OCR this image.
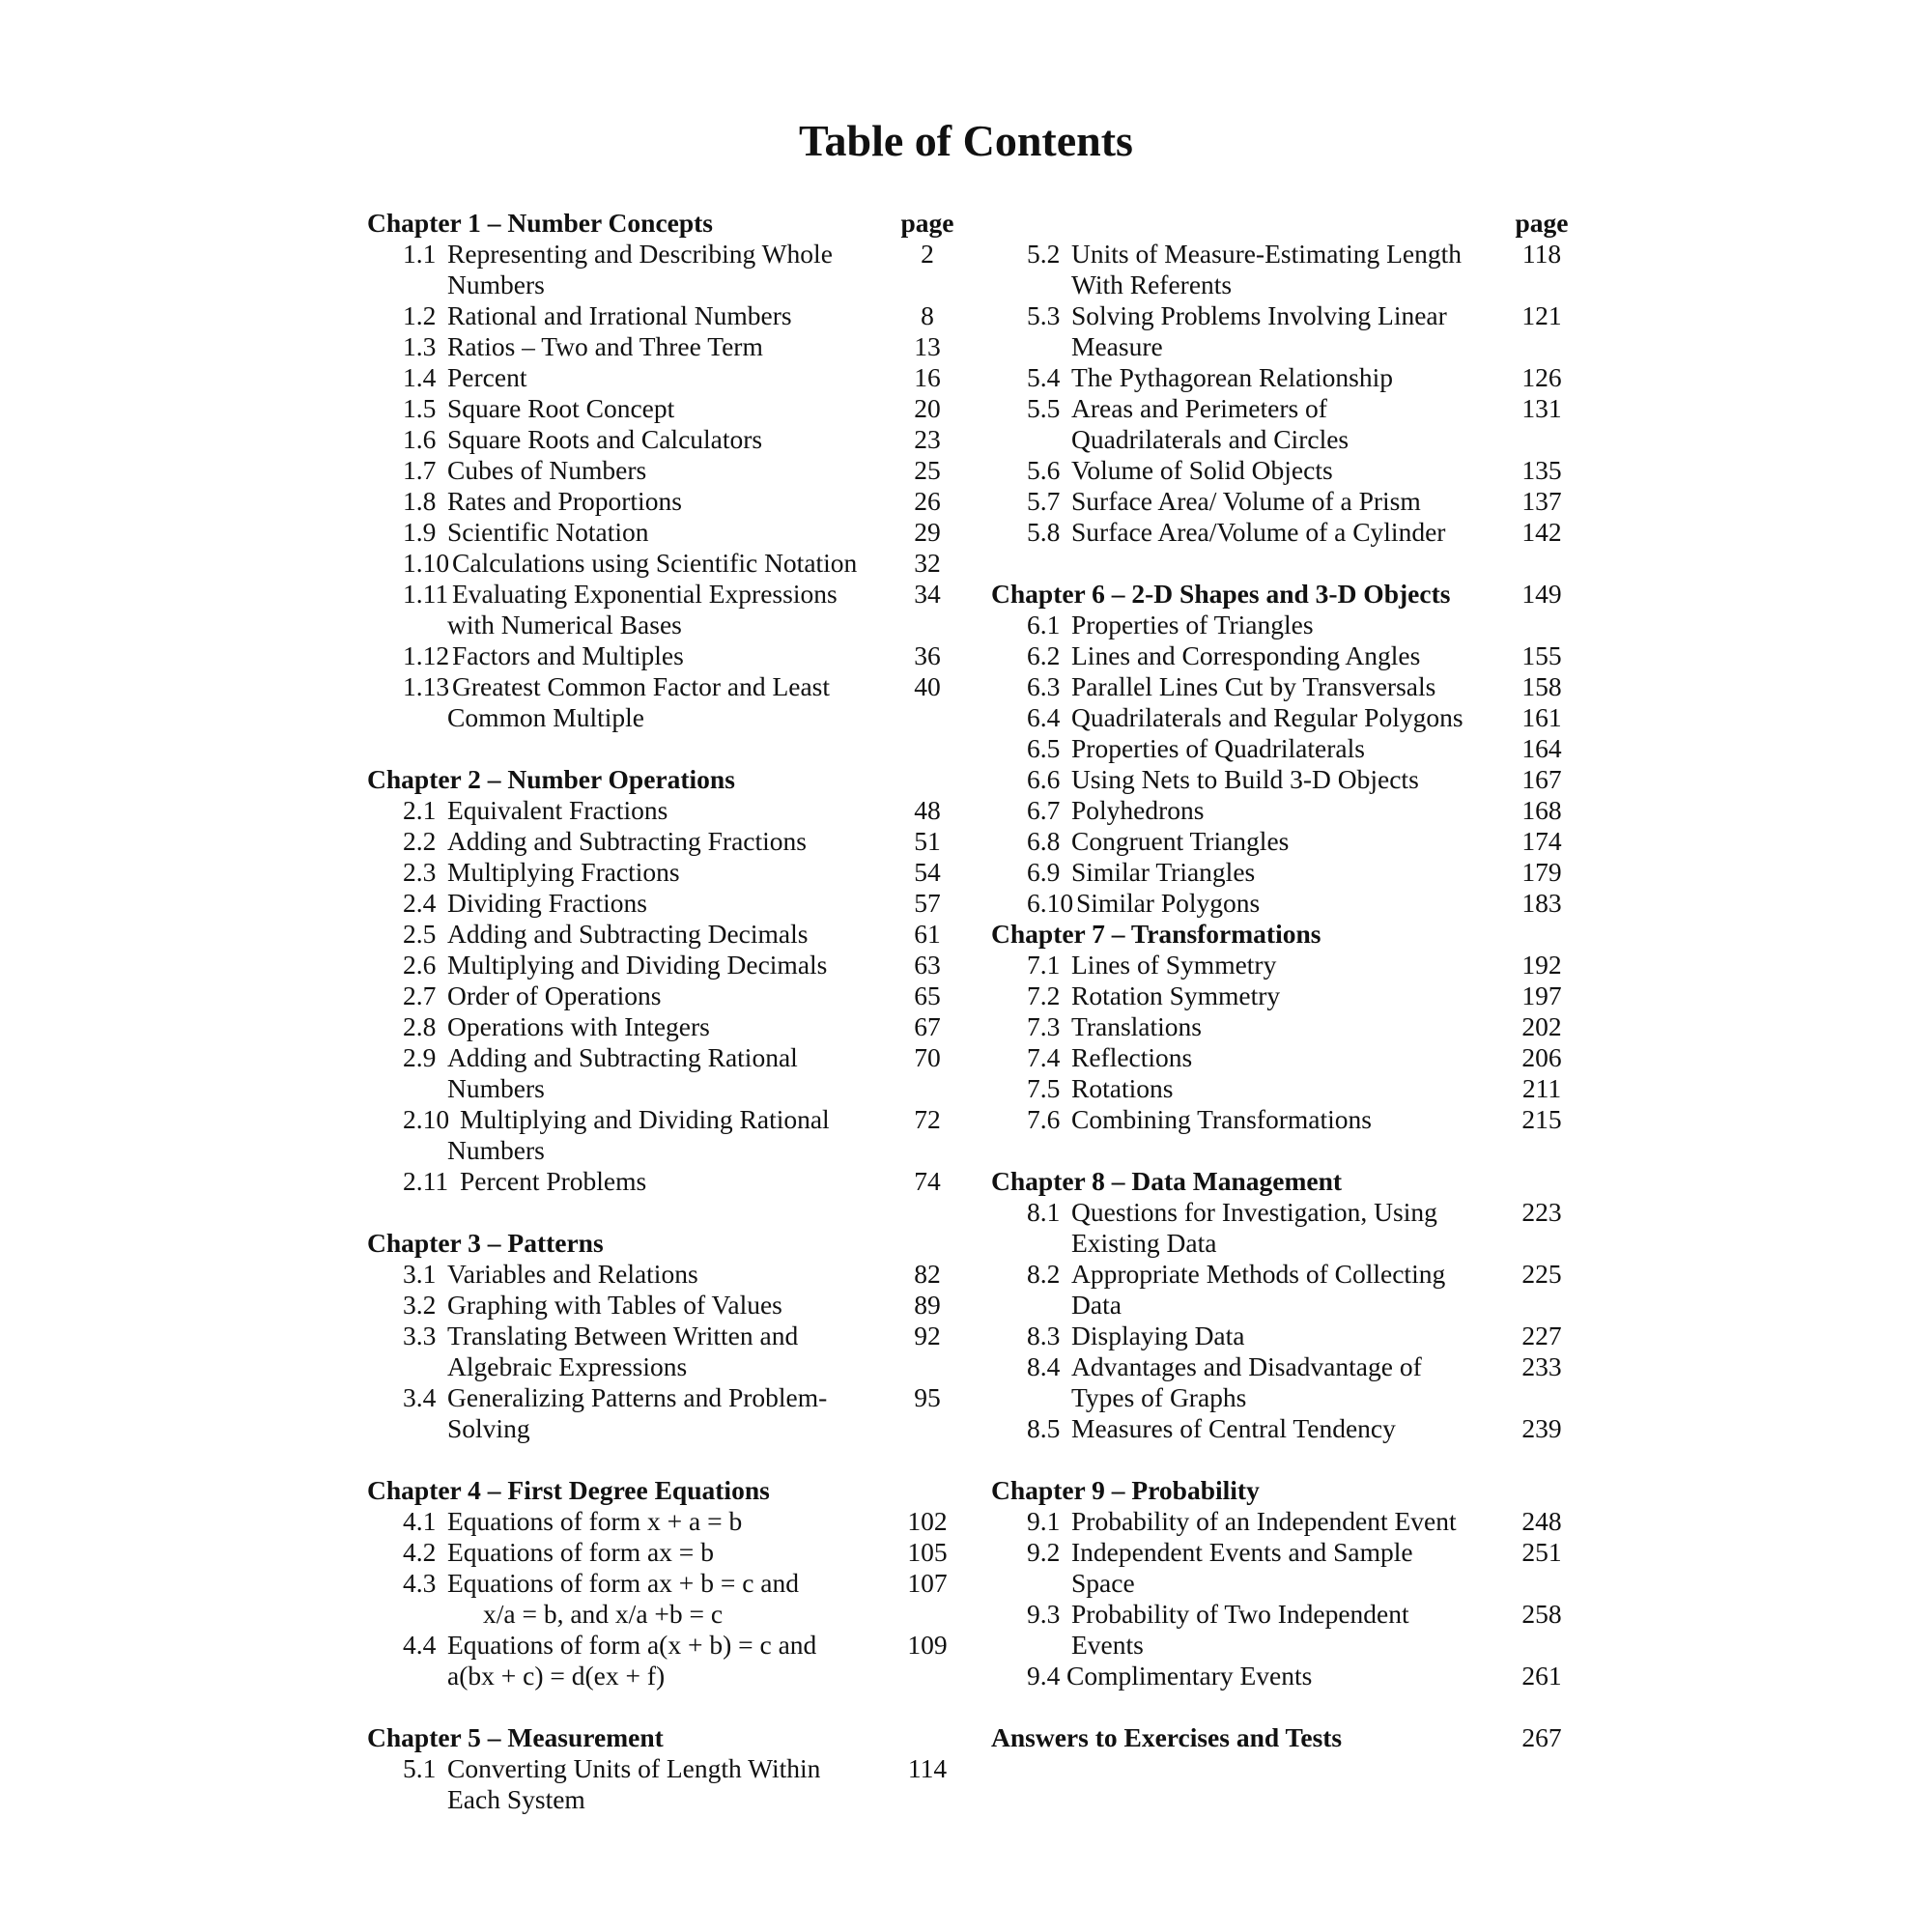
Table of Contents
Chapter 1 – Number Concepts	page
1.1 Representing and Describing Whole	2
Numbers
1.2 Rational and Irrational Numbers	8
1.3 Ratios – Two and Three Term	13
1.4 Percent	16
1.5 Square Root Concept	20
1.6 Square Roots and Calculators	23
1.7 Cubes of Numbers	25
1.8 Rates and Proportions	26
1.9 Scientific Notation	29
1.10 Calculations using Scientific Notation	32
1.11 Evaluating Exponential Expressions	34
with Numerical Bases
1.12 Factors and Multiples	36
1.13 Greatest Common Factor and Least	40
Common Multiple
Chapter 2 – Number Operations
2.1 Equivalent Fractions	48
2.2 Adding and Subtracting Fractions	51
2.3 Multiplying Fractions	54
2.4 Dividing Fractions	57
2.5 Adding and Subtracting Decimals	61
2.6 Multiplying and Dividing Decimals	63
2.7 Order of Operations	65
2.8 Operations with Integers	67
2.9 Adding and Subtracting Rational	70
Numbers
2.10 Multiplying and Dividing Rational	72
Numbers
2.11 Percent Problems	74
Chapter 3 – Patterns
3.1 Variables and Relations	82
3.2 Graphing with Tables of Values	89
3.3 Translating Between Written and	92
Algebraic Expressions
3.4 Generalizing Patterns and Problem-	95
Solving
Chapter 4 – First Degree Equations
4.1 Equations of form x + a = b	102
4.2 Equations of form ax = b	105
4.3 Equations of form ax + b = c and	107
x/a = b, and x/a +b = c
4.4 Equations of form a(x + b) = c and	109
a(bx + c) = d(ex + f)
Chapter 5 – Measurement
5.1 Converting Units of Length Within	114
Each System
page
5.2 Units of Measure-Estimating Length	118
With Referents
5.3 Solving Problems Involving Linear	121
Measure
5.4 The Pythagorean Relationship	126
5.5 Areas and Perimeters of	131
Quadrilaterals and Circles
5.6 Volume of Solid Objects	135
5.7 Surface Area/ Volume of a Prism	137
5.8 Surface Area/Volume of a Cylinder	142
Chapter 6 – 2-D Shapes and 3-D Objects	149
6.1 Properties of Triangles
6.2 Lines and Corresponding Angles	155
6.3 Parallel Lines Cut by Transversals	158
6.4 Quadrilaterals and Regular Polygons	161
6.5 Properties of Quadrilaterals	164
6.6 Using Nets to Build 3-D Objects	167
6.7 Polyhedrons	168
6.8 Congruent Triangles	174
6.9 Similar Triangles	179
6.10 Similar Polygons	183
Chapter 7 – Transformations
7.1 Lines of Symmetry	192
7.2 Rotation Symmetry	197
7.3 Translations	202
7.4 Reflections	206
7.5 Rotations	211
7.6 Combining Transformations	215
Chapter 8 – Data Management
8.1 Questions for Investigation, Using	223
Existing Data
8.2 Appropriate Methods of Collecting	225
Data
8.3 Displaying Data	227
8.4 Advantages and Disadvantage of	233
Types of Graphs
8.5 Measures of Central Tendency	239
Chapter 9 – Probability
9.1 Probability of an Independent Event	248
9.2 Independent Events and Sample	251
Space
9.3 Probability of Two Independent	258
Events
9.4 Complimentary Events	261
Answers to Exercises and Tests	267
